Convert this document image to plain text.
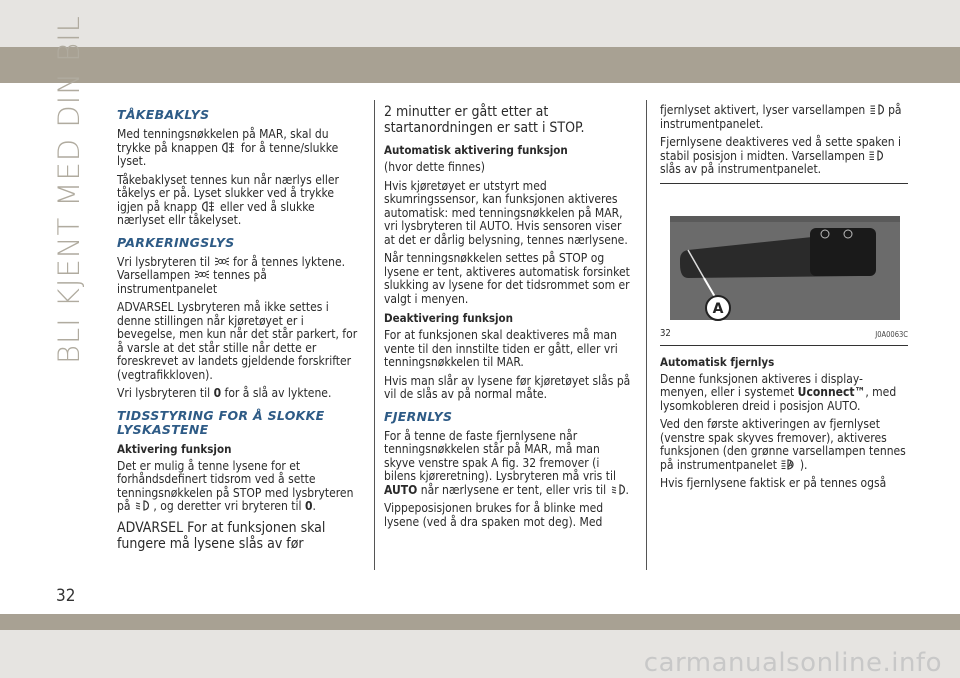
BLI KJENT MED DIN BIL TÅKEBAKLYS

Med tenningsnøkkelen på MAR, skal du trykke på knappen for å tenne/slukke lyset.

Tåkebaklyset tennes kun når nærlys eller tåkelys er på. Lyset slukker ved å trykke igjen på knapp eller ved å slukke nærlyset ellr tåkelyset.

PARKERINGSLYS

Vri lysbryteren til for å tennes lyktene. Varsellampen tennes på instrumentpanelet

ADVARSEL Lysbryteren må ikke settes i denne stillingen når kjøretøyet er i bevegelse, men kun når det står parkert, for å varsle at det står stille når dette er foreskrevet av landets gjeldende forskrifter (vegtrafikkloven).

Vri lysbryteren til 0 for å slå av lyktene.

TIDSSTYRING FOR Å SLOKKE LYSKASTENE
Aktivering funksjon

Det er mulig å tenne lysene for et forhåndsdefinert tidsrom ved å sette tenningsnøkkelen på STOP med lysbryteren på , og deretter vri bryteren til 0.

ADVARSEL For at funksjonen skal fungere må lysene slås av før

2 minutter er gått etter at startanordningen er satt i STOP.

Automatisk aktivering funksjon

(hvor dette finnes)

Hvis kjøretøyet er utstyrt med skumringssensor, kan funksjonen aktiveres automatisk: med tenningsnøkkelen på MAR, vri lysbryteren til AUTO. Hvis sensoren viser at det er dårlig belysning, tennes nærlysene.

Når tenningsnøkkelen settes på STOP og lysene er tent, aktiveres automatisk forsinket slukking av lysene for det tidsrommet som er valgt i menyen.

Deaktivering funksjon

For at funksjonen skal deaktiveres må man vente til den innstilte tiden er gått, eller vri tenningsnøkkelen til MAR.

Hvis man slår av lysene før kjøretøyet slås på vil de slås av på normal måte.

FJERNLYS

For å tenne de faste fjernlysene når tenningsnøkkelen står på MAR, må man skyve venstre spak A fig. 32 fremover (i bilens kjøreretning). Lysbryteren må vris til AUTO når nærlysene er tent, eller vris til .

Vippeposisjonen brukes for å blinke med lysene (ved å dra spaken mot deg). Med

fjernlyset aktivert, lyser varsellampen på instrumentpanelet.

Fjernlysene deaktiveres ved å sette spaken i stabil posisjon i midten. Varsellampen  slås av på instrumentpanelet.

A
32	J0A0063C
Automatisk fjernlys

Denne funksjonen aktiveres i display-menyen, eller i systemet Uconnect™, med lysomkobleren dreid i posisjon AUTO.

Ved den første aktiveringen av fjernlyset (venstre spak skyves fremover), aktiveres funksjonen (den grønne varsellampen tennes på instrumentpanelet ).

Hvis fjernlysene faktisk er på tennes også

32
carmanualsonline.info
